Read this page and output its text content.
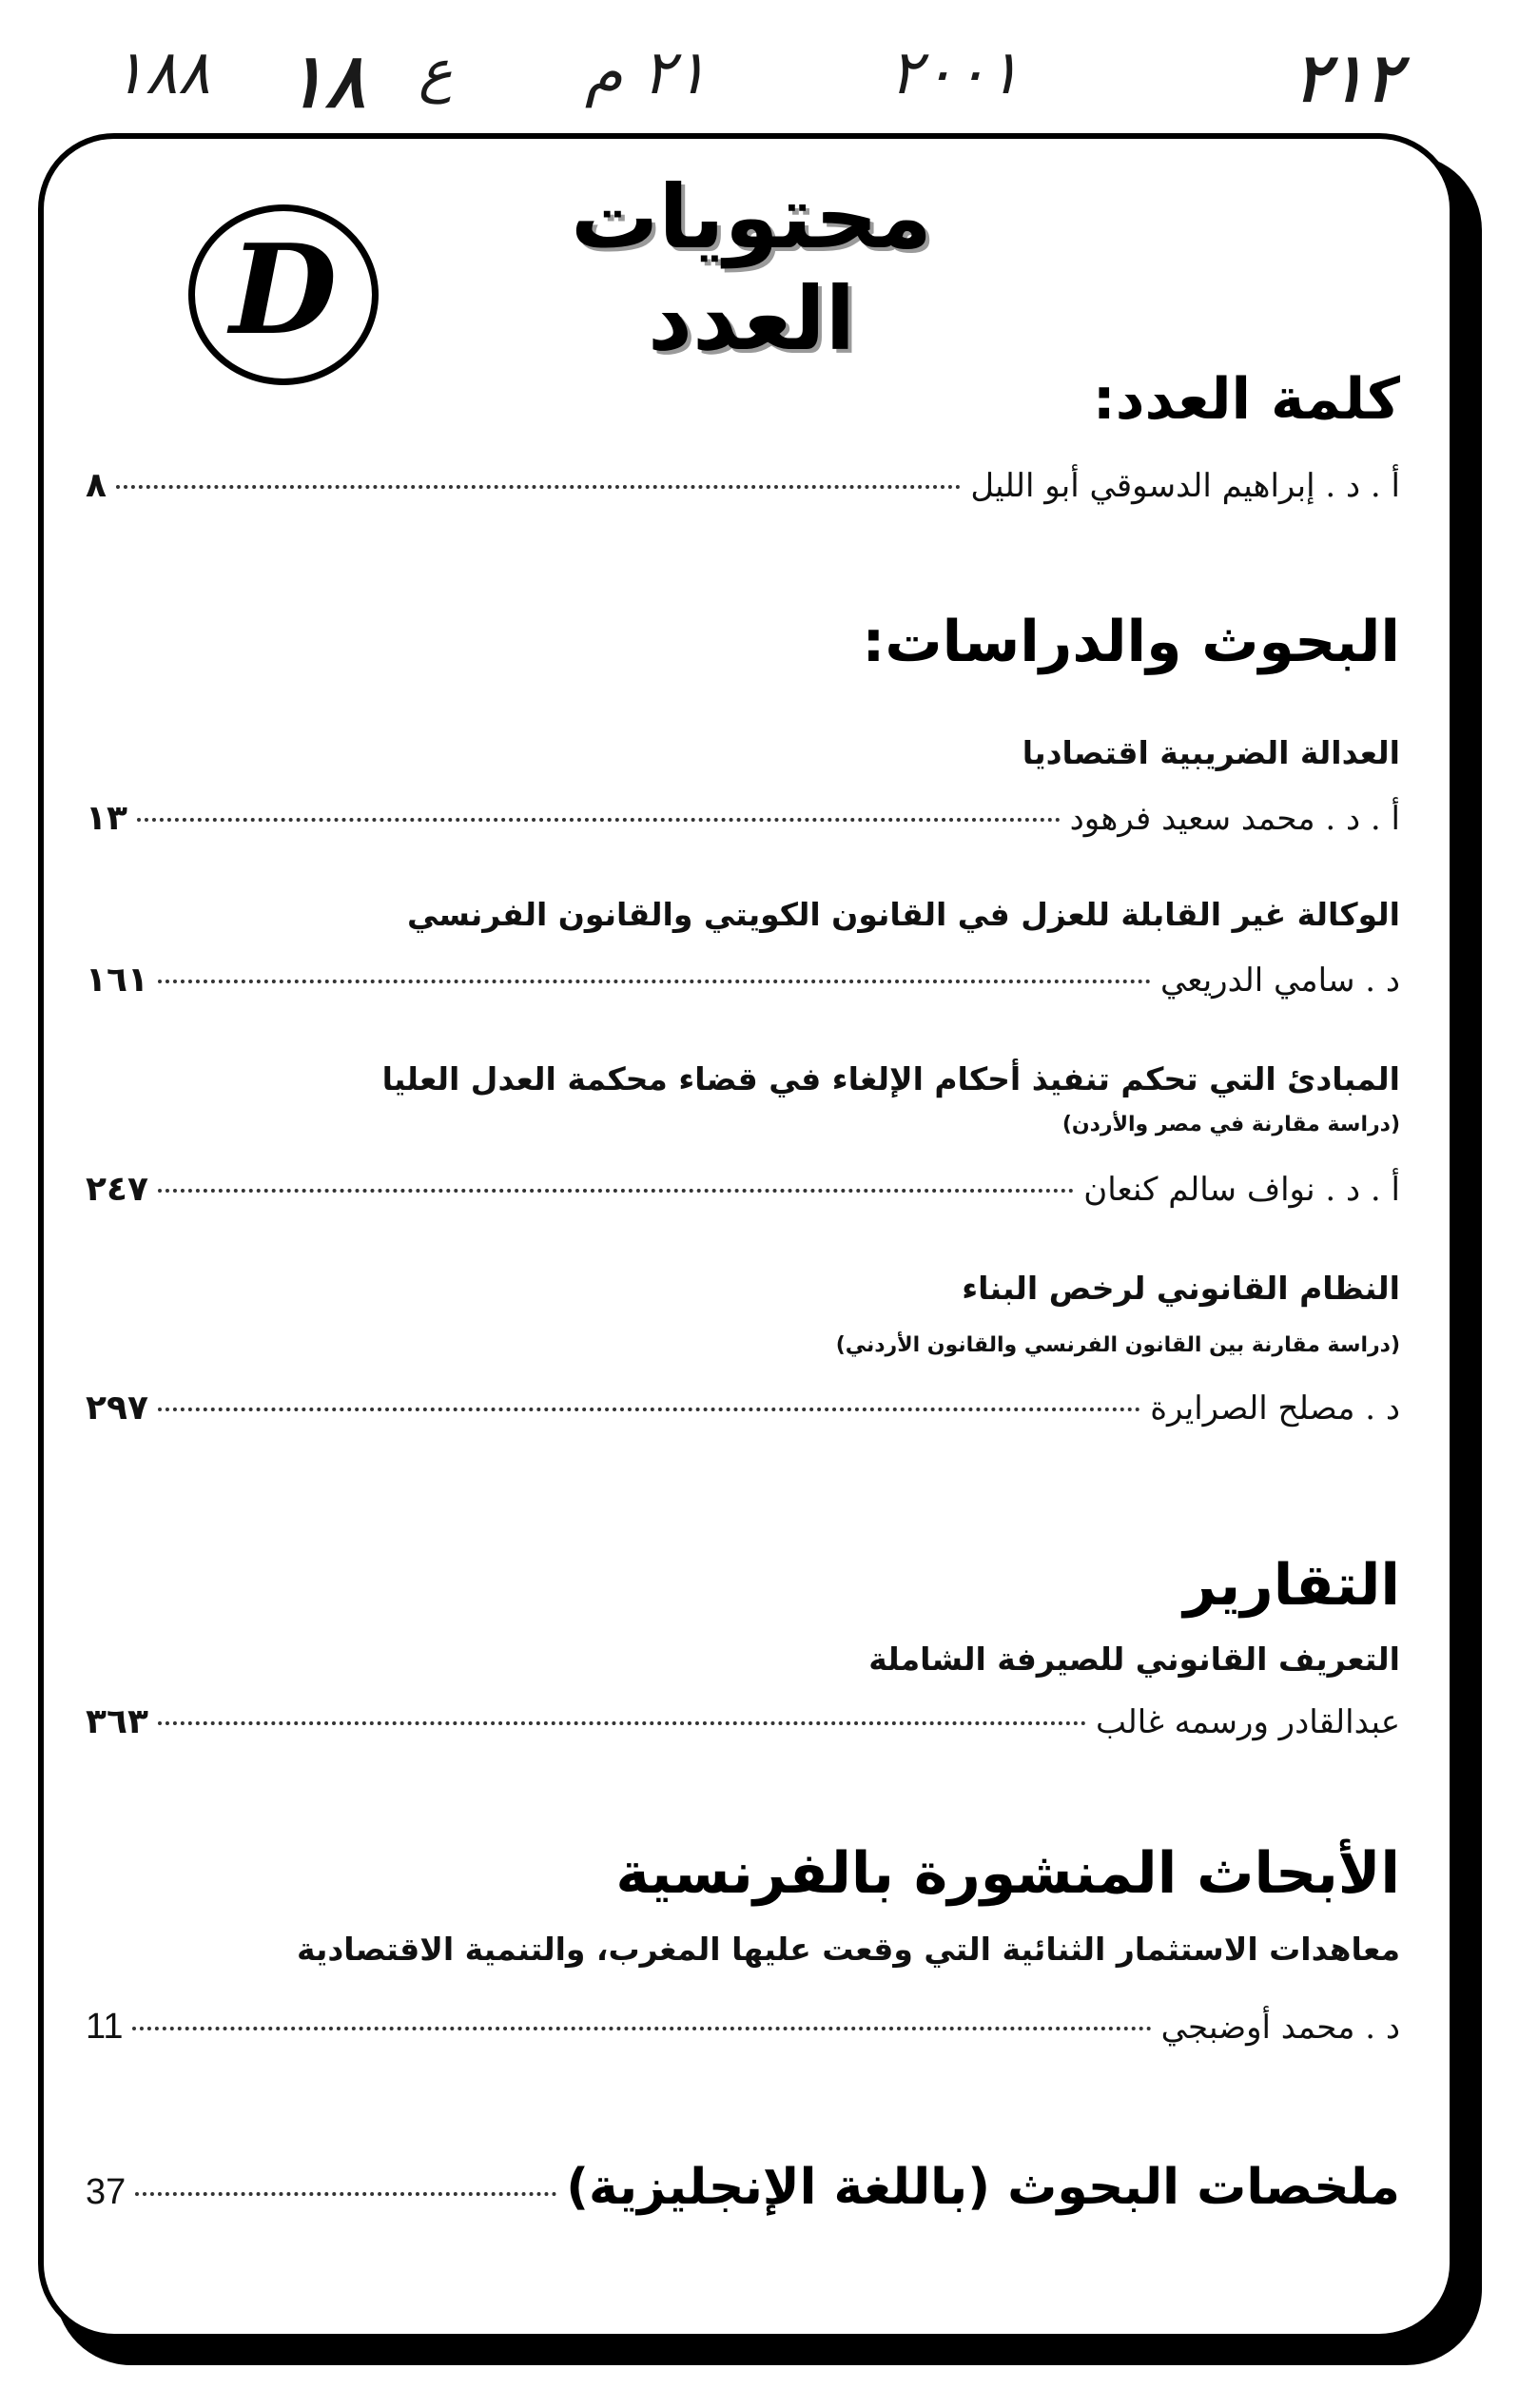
١٨٨ ١٨ ع ٢١ م	٢٠٠١	٢١٢
محتويات العدد
D
كلمة العدد:
أ . د . إبراهيم الدسوقي أبو الليل
٨
البحوث والدراسات:
العدالة الضريبية اقتصاديا
أ . د . محمد سعيد فرهود
١٣
الوكالة غير القابلة للعزل في القانون الكويتي والقانون الفرنسي
د . سامي الدريعي
١٦١
المبادئ التي تحكم تنفيذ أحكام الإلغاء في قضاء محكمة العدل العليا
(دراسة مقارنة في مصر والأردن)
أ . د . نواف سالم كنعان
٢٤٧
النظام القانوني لرخص البناء
(دراسة مقارنة بين القانون الفرنسي والقانون الأردني)
د . مصلح الصرايرة
٢٩٧
التقارير
التعريف القانوني للصيرفة الشاملة
عبدالقادر ورسمه غالب
٣٦٣
الأبحاث المنشورة بالفرنسية
معاهدات الاستثمار الثنائية التي وقعت عليها المغرب، والتنمية الاقتصادية
د . محمد أوضبجي
11
ملخصات البحوث (باللغة الإنجليزية)
37
